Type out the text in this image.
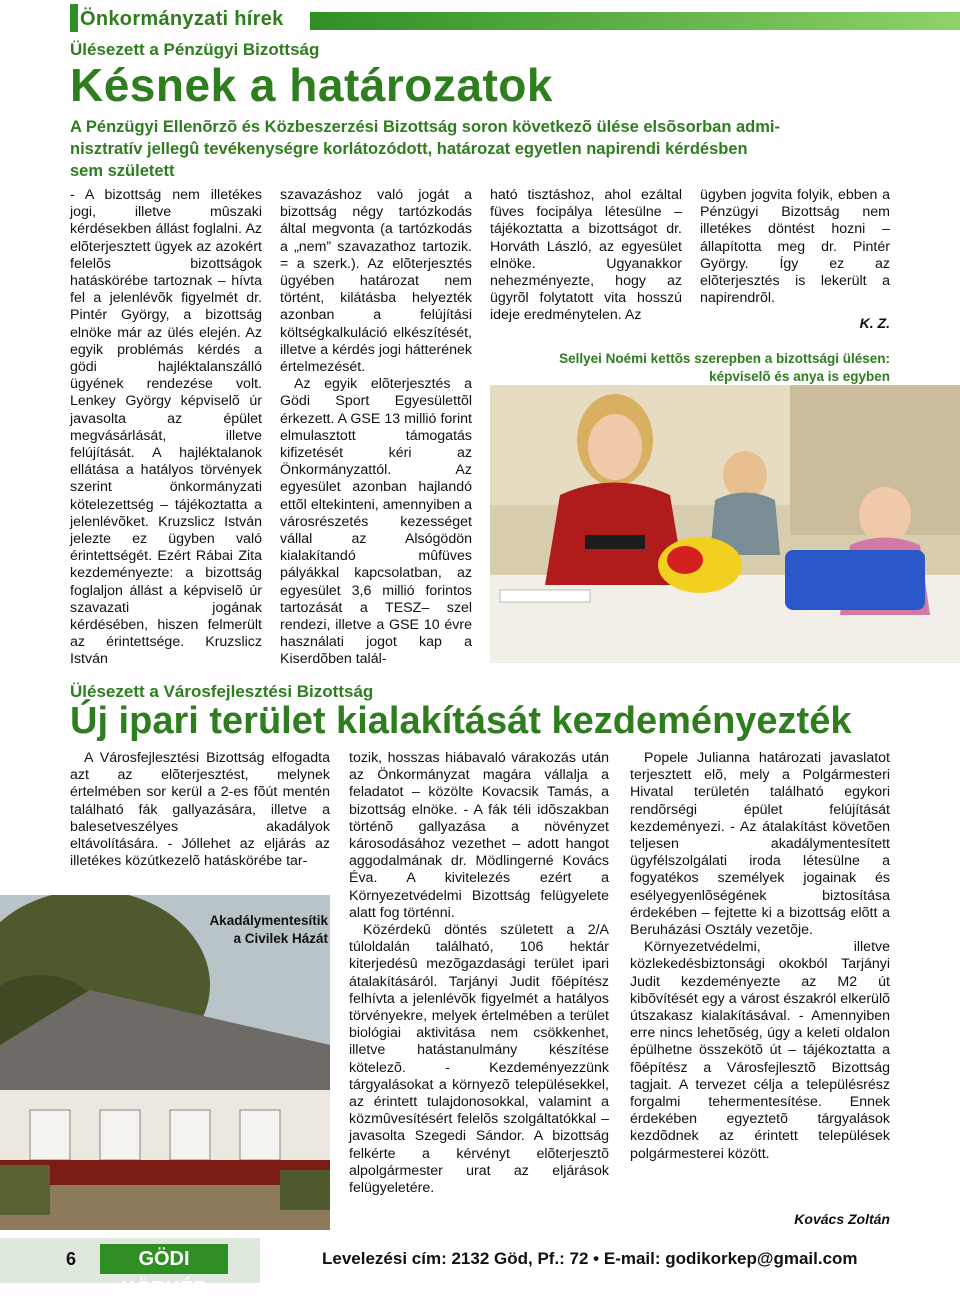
Önkormányzati hírek
Ülésezett a Pénzügyi Bizottság
Késnek a határozatok
A Pénzügyi Ellenõrzõ és Közbeszerzési Bizottság soron következõ ülése elsõsorban admi-
nisztratív jellegû tevékenységre korlátozódott, határozat egyetlen napirendi kérdésben
sem született

- A bizottság nem illetékes jogi, illetve mûszaki kérdésekben állást foglalni. Az elõterjesztett ügyek az azokért felelõs bizottságok hatáskörébe tartoznak – hívta fel a jelenlévõk figyelmét dr. Pintér György, a bizottság elnöke már az ülés elején. Az egyik problémás kérdés a gödi hajléktalanszálló ügyének rendezése volt. Lenkey György képviselõ úr javasolta az épület megvásárlását, illetve felújítását. A hajléktalanok ellátása a hatályos törvények szerint önkormányzati kötelezettség – tájékoztatta a jelenlévõket. Kruzslicz István jelezte ez ügyben való érintettségét. Ezért Rábai Zita kezdeményezte: a bizottság foglaljon állást a képviselõ úr szavazati jogának kérdésében, hiszen felmerült az érintettsége. Kruzslicz István

szavazáshoz való jogát a bizottság négy tartózkodás által megvonta (a tartózkodás a „nem” szavazathoz tartozik. = a szerk.). Az elõterjesztés ügyében határozat nem történt, kilátásba helyezték azonban a felújítási költségkalkuláció elkészítését, illetve a kérdés jogi hátterének értelmezését.

Az egyik elõterjesztés a Gödi Sport Egyesülettõl érkezett. A GSE 13 millió forint elmulasztott támogatás kifizetését kéri az Önkormányzattól. Az egyesület azonban hajlandó ettõl eltekinteni, amennyiben a városrészetés kezességet vállal az Alsógödön kialakítandó mûfüves pályákkal kapcsolatban, az egyesület 3,6 millió forintos tartozását a TESZ– szel rendezi, illetve a GSE 10 évre használati jogot kap a Kiserdõben talál-

ható tisztáshoz, ahol ezáltal füves focipálya létesülne – tájékoztatta a bizottságot dr. Horváth László, az egyesület elnöke. Ugyanakkor nehezményezte, hogy az ügyrõl folytatott vita hosszú ideje eredménytelen. Az

ügyben jogvita folyik, ebben a Pénzügyi Bizottság nem illetékes döntést hozni – állapította meg dr. Pintér György. Így ez az elõterjesztés is lekerült a napirendrõl.

K. Z.
Sellyei Noémi kettõs szerepben a bizottsági ülésen:
képviselõ és anya is egyben
Ülésezett a Városfejlesztési Bizottság
Új ipari terület kialakítását kezdeményezték

A Városfejlesztési Bizottság elfogadta azt az elõterjesztést, melynek értelmében sor kerül a 2-es fõút mentén található fák gallyazására, illetve a balesetveszélyes akadályok eltávolítására. - Jóllehet az eljárás az illetékes közútkezelõ hatáskörébe tar-

tozik, hosszas hiábavaló várakozás után az Önkormányzat magára vállalja a feladatot – közölte Kovacsik Tamás, a bizottság elnöke. - A fák téli idõszakban történõ gallyazása a növényzet károsodásához vezethet – adott hangot aggodalmának dr. Mödlingerné Kovács Éva. A kivitelezés ezért a Környezetvédelmi Bizottság felügyelete alatt fog történni.

Közérdekû döntés született a 2/A túloldalán található, 106 hektár kiterjedésû mezõgazdasági terület ipari átalakításáról. Tarjányi Judit fõépítész felhívta a jelenlévõk figyelmét a hatályos törvényekre, melyek értelmében a terület biológiai aktivitása nem csökkenhet, illetve hatástanulmány készítése kötelezõ. - Kezdeményezzünk tárgyalásokat a környezõ településekkel, az érintett tulajdonosokkal, valamint a közmûvesítésért felelõs szolgáltatókkal – javasolta Szegedi Sándor. A bizottság felkérte a kérvényt elõterjesztõ alpolgármester urat az eljárások felügyeletére.

Popele Julianna határozati javaslatot terjesztett elõ, mely a Polgármesteri Hivatal területén található egykori rendõrségi épület felújítását kezdeményezi. - Az átalakítást követõen teljesen akadálymentesített ügyfélszolgálati iroda létesülne a fogyatékos személyek jogainak és esélyegyenlõségének biztosítása érdekében – fejtette ki a bizottság elõtt a Beruházási Osztály vezetõje.

Környezetvédelmi, illetve közlekedésbiztonsági okokból Tarjányi Judit kezdeményezte az M2 út kibõvítését egy a várost északról elkerülõ útszakasz kialakításával. - Amennyiben erre nincs lehetõség, úgy a keleti oldalon épülhetne összekötõ út – tájékoztatta a fõépítész a Városfejlesztõ Bizottság tagjait. A tervezet célja a településrész forgalmi tehermentesítése. Ennek érdekében egyeztetõ tárgyalások kezdõdnek az érintett települések polgármesterei között.

Kovács Zoltán
Akadálymentesítik
a Civilek Házát
6	GÖDI KÖRKÉP
Levelezési cím: 2132 Göd, Pf.: 72 • E-mail: godikorkep@gmail.com
